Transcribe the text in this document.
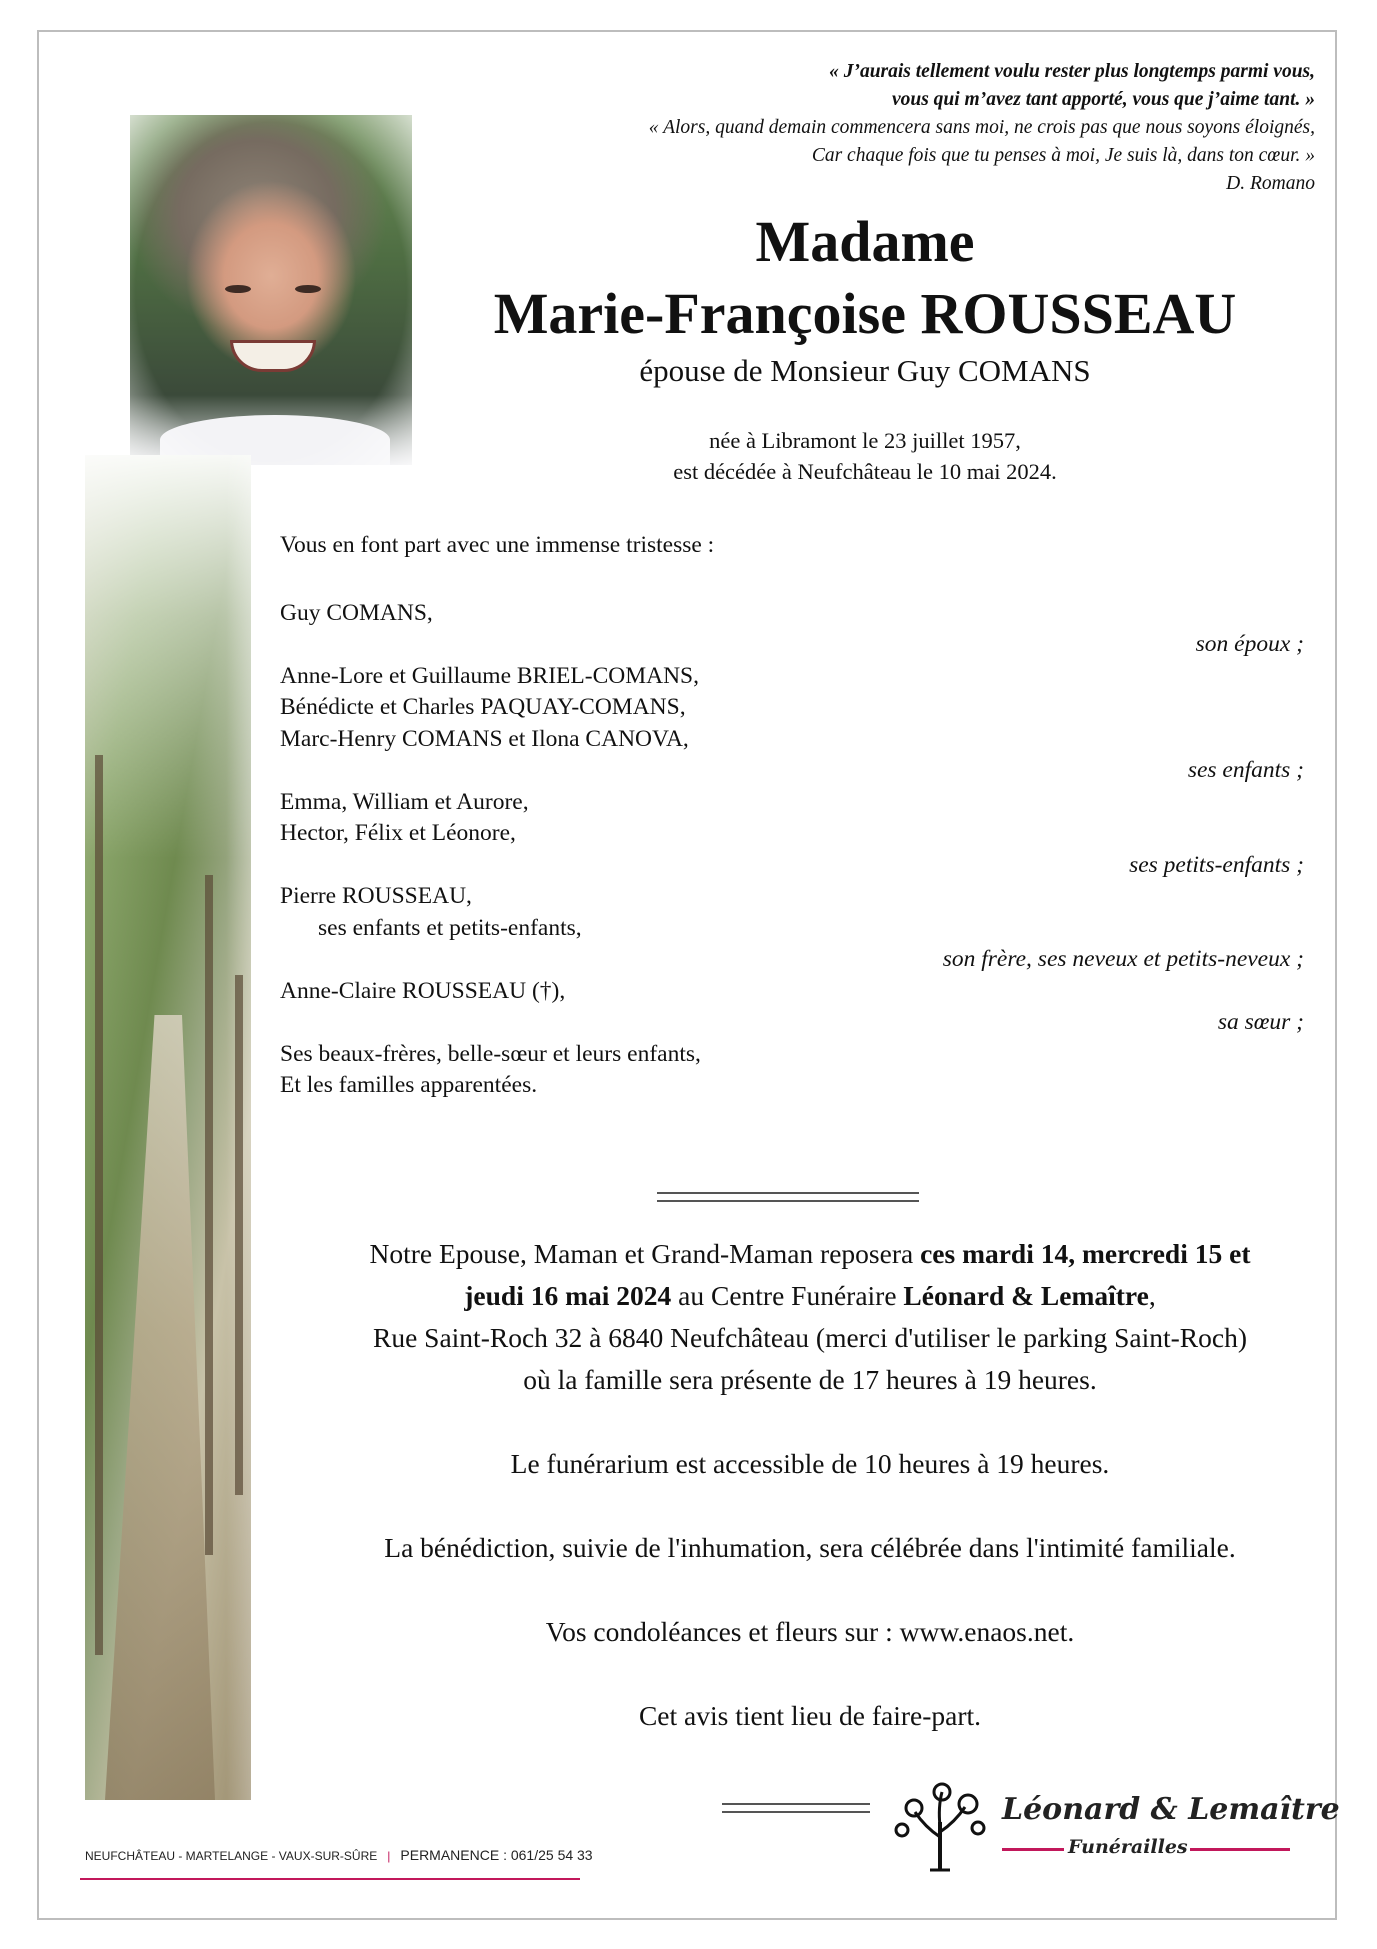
« J’aurais tellement voulu rester plus longtemps parmi vous,
vous qui m’avez tant apporté, vous que j’aime tant. »
« Alors, quand demain commencera sans moi, ne crois pas que nous soyons éloignés,
Car chaque fois que tu penses à moi, Je suis là, dans ton cœur. »
D. Romano
Madame
Marie-Françoise ROUSSEAU
épouse de Monsieur Guy COMANS
née à Libramont le 23 juillet 1957,
est décédée à Neufchâteau le 10 mai 2024.
Vous en font part avec une immense tristesse :
Guy COMANS,
son époux ;
Anne-Lore et Guillaume BRIEL-COMANS,
Bénédicte et Charles PAQUAY-COMANS,
Marc-Henry COMANS et Ilona CANOVA,
ses enfants ;
Emma, William et Aurore,
Hector, Félix et Léonore,
ses petits-enfants ;
Pierre ROUSSEAU,
ses enfants et petits-enfants,
son frère, ses neveux et petits-neveux ;
Anne-Claire ROUSSEAU (†),
sa sœur ;
Ses beaux-frères, belle-sœur et leurs enfants,
Et les familles apparentées.

Notre Epouse, Maman et Grand-Maman reposera ces mardi 14, mercredi 15 et
jeudi 16 mai 2024 au Centre Funéraire Léonard & Lemaître,
Rue Saint-Roch 32 à 6840 Neufchâteau (merci d'utiliser le parking Saint-Roch)
où la famille sera présente de 17 heures à 19 heures.

Le funérarium est accessible de 10 heures à 19 heures.

La bénédiction, suivie de l'inhumation, sera célébrée dans l'intimité familiale.

Vos condoléances et fleurs sur : www.enaos.net.

Cet avis tient lieu de faire-part.

NEUFCHÂTEAU - MARTELANGE - VAUX-SUR-SÛRE | PERMANENCE : 061/25 54 33
Léonard & Lemaître
Funérailles
